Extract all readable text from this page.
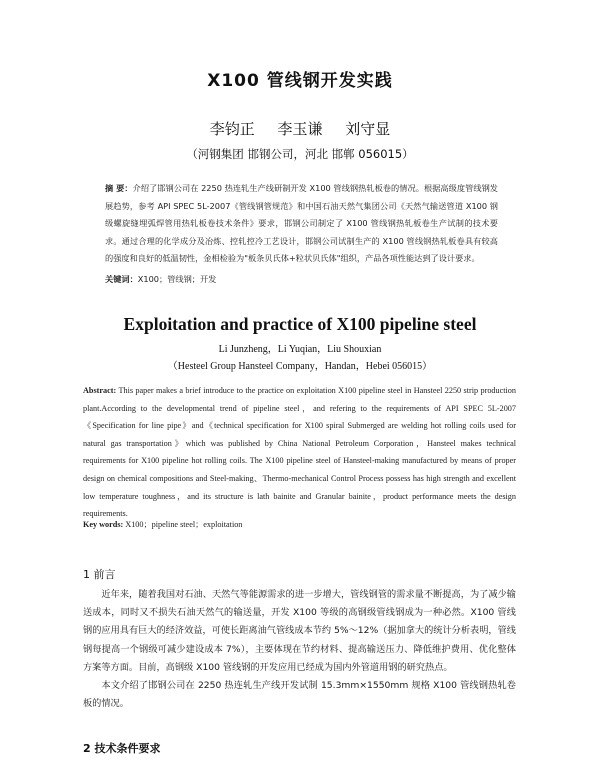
X100 管线钢开发实践
李钧正 李玉谦 刘守显
（河钢集团 邯钢公司，河北 邯郸 056015）
摘 要：介绍了邯钢公司在 2250 热连轧生产线研制开发 X100 管线钢热轧板卷的情况。根据高级度管线钢发展趋势，参考 API SPEC 5L-2007《管线钢管规范》和中国石油天然气集团公司《天然气输送管道 X100 钢级螺旋缝埋弧焊管用热轧板卷技术条件》要求，邯钢公司制定了 X100 管线钢热轧板卷生产试制的技术要求。通过合理的化学成分及冶炼、控轧控冷工艺设计，邯钢公司试制生产的 X100 管线钢热轧板卷具有较高的强度和良好的低温韧性，金相检验为"板条贝氏体+粒状贝氏体"组织，产品各项性能达到了设计要求。
关键词：X100；管线钢；开发
Exploitation and practice of X100 pipeline steel
Li Junzheng，Li Yuqian，Liu Shouxian
（Hesteel Group Hansteel Company，Handan，Hebei 056015）
Abstract: This paper makes a brief introduce to the practice on exploitation X100 pipeline steel in Hansteel 2250 strip production plant.According to the developmental trend of pipeline steel，and refering to the requirements of API SPEC 5L-2007《Specification for line pipe》and《technical specification for X100 spiral Submerged are welding hot rolling coils used for natural gas transportation》which was published by China National Petroleum Corporation，Hansteel makes technical requirements for X100 pipeline hot rolling coils. The X100 pipeline steel of Hansteel-making manufactured by means of proper design on chemical compositions and Steel-making、Thermo-mechanical Control Process possess has high strength and excellent low temperature toughness，and its structure is lath bainite and Granular bainite，product performance meets the design requirements.
Key words: X100；pipeline steel；exploitation
1 前言

近年来，随着我国对石油、天然气等能源需求的进一步增大，管线钢管的需求量不断提高，为了减少输送成本，同时又不损失石油天然气的输送量，开发 X100 等级的高钢级管线钢成为一种必然。X100 管线钢的应用具有巨大的经济效益，可使长距离油气管线成本节约 5%～12%（据加拿大的统计分析表明，管线钢每提高一个钢级可减少建设成本 7%），主要体现在节约材料、提高输送压力、降低维护费用、优化整体方案等方面。目前，高钢级 X100 管线钢的开发应用已经成为国内外管道用钢的研究热点。

本文介绍了邯钢公司在 2250 热连轧生产线开发试制 15.3mm×1550mm 规格 X100 管线钢热轧卷板的情况。

2 技术条件要求
